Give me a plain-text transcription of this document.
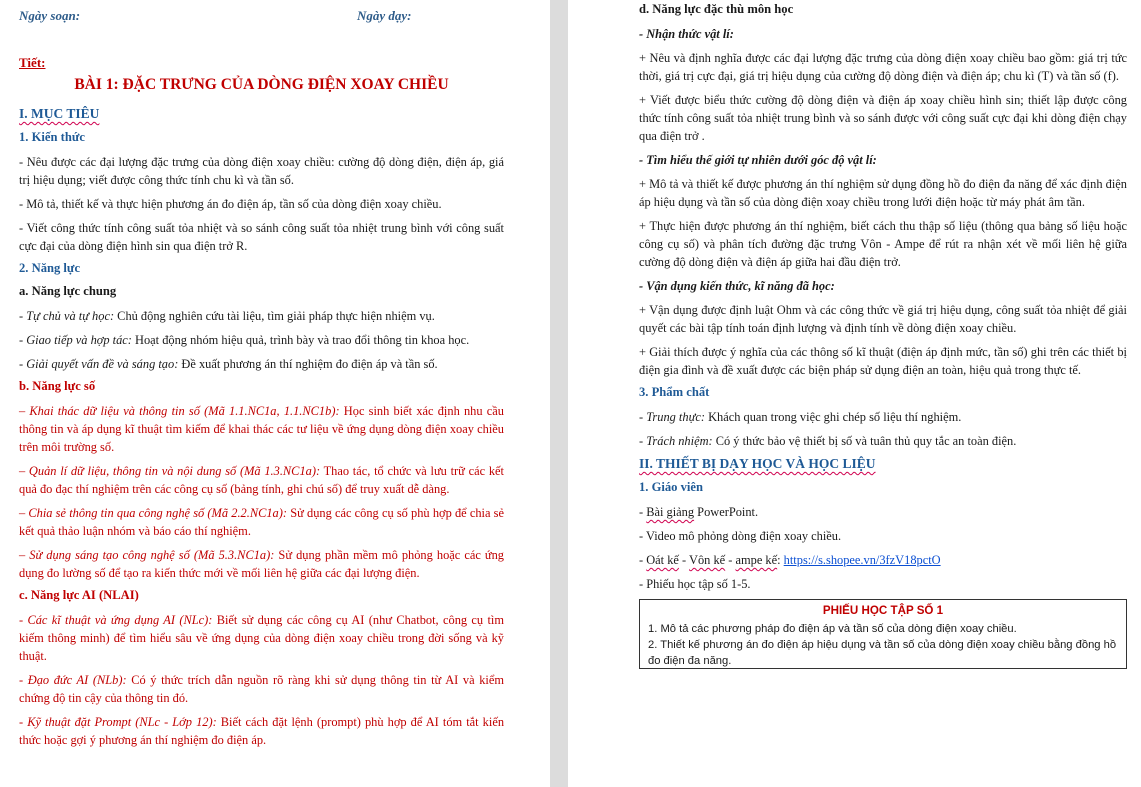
Ngày soạn:	Ngày dạy:
Tiết:
BÀI 1: ĐẶC TRƯNG CỦA DÒNG ĐIỆN XOAY CHIỀU
I. MỤC TIÊU
1. Kiến thức
- Nêu được các đại lượng đặc trưng của dòng điện xoay chiều: cường độ dòng điện, điện áp, giá trị hiệu dụng; viết được công thức tính chu kì và tần số.
- Mô tả, thiết kế và thực hiện phương án đo điện áp, tần số của dòng điện xoay chiều.
- Viết công thức tính công suất tỏa nhiệt và so sánh công suất tỏa nhiệt trung bình với công suất cực đại của dòng điện hình sin qua điện trở R.
2. Năng lực
a. Năng lực chung
- Tự chủ và tự học: Chủ động nghiên cứu tài liệu, tìm giải pháp thực hiện nhiệm vụ.
- Giao tiếp và hợp tác: Hoạt động nhóm hiệu quả, trình bày và trao đổi thông tin khoa học.
- Giải quyết vấn đề và sáng tạo: Đề xuất phương án thí nghiệm đo điện áp và tần số.
b. Năng lực số
– Khai thác dữ liệu và thông tin số (Mã 1.1.NC1a, 1.1.NC1b): Học sinh biết xác định nhu cầu thông tin và áp dụng kĩ thuật tìm kiếm để khai thác các tư liệu về ứng dụng dòng điện xoay chiều trên môi trường số.
– Quản lí dữ liệu, thông tin và nội dung số (Mã 1.3.NC1a): Thao tác, tổ chức và lưu trữ các kết quả đo đạc thí nghiệm trên các công cụ số (bảng tính, ghi chú số) để truy xuất dễ dàng.
– Chia sẻ thông tin qua công nghệ số (Mã 2.2.NC1a): Sử dụng các công cụ số phù hợp để chia sẻ kết quả thảo luận nhóm và báo cáo thí nghiệm.
– Sử dụng sáng tạo công nghệ số (Mã 5.3.NC1a): Sử dụng phần mềm mô phỏng hoặc các ứng dụng đo lường số để tạo ra kiến thức mới về mối liên hệ giữa các đại lượng điện.
c. Năng lực AI (NLAI)
- Các kĩ thuật và ứng dụng AI (NLc): Biết sử dụng các công cụ AI (như Chatbot, công cụ tìm kiếm thông minh) để tìm hiểu sâu về ứng dụng của dòng điện xoay chiều trong đời sống và kỹ thuật.
- Đạo đức AI (NLb): Có ý thức trích dẫn nguồn rõ ràng khi sử dụng thông tin từ AI và kiểm chứng độ tin cậy của thông tin đó.
- Kỹ thuật đặt Prompt (NLc - Lớp 12): Biết cách đặt lệnh (prompt) phù hợp để AI tóm tắt kiến thức hoặc gợi ý phương án thí nghiệm đo điện áp.
d. Năng lực đặc thù môn học
- Nhận thức vật lí:
+ Nêu và định nghĩa được các đại lượng đặc trưng của dòng điện xoay chiều bao gồm: giá trị tức thời, giá trị cực đại, giá trị hiệu dụng của cường độ dòng điện và điện áp; chu kì (T) và tần số (f).
+ Viết được biểu thức cường độ dòng điện và điện áp xoay chiều hình sin; thiết lập được công thức tính công suất tỏa nhiệt trung bình và so sánh được với công suất cực đại khi dòng điện chạy qua điện trở .
- Tìm hiểu thế giới tự nhiên dưới góc độ vật lí:
+ Mô tả và thiết kế được phương án thí nghiệm sử dụng đồng hồ đo điện đa năng để xác định điện áp hiệu dụng và tần số của dòng điện xoay chiều trong lưới điện hoặc từ máy phát âm tần.
+ Thực hiện được phương án thí nghiệm, biết cách thu thập số liệu (thông qua bảng số liệu hoặc công cụ số) và phân tích đường đặc trưng Vôn - Ampe để rút ra nhận xét về mối liên hệ giữa cường độ dòng điện và điện áp giữa hai đầu điện trở.
- Vận dụng kiến thức, kĩ năng đã học:
+ Vận dụng được định luật Ohm và các công thức về giá trị hiệu dụng, công suất tỏa nhiệt để giải quyết các bài tập tính toán định lượng và định tính về dòng điện xoay chiều.
+ Giải thích được ý nghĩa của các thông số kĩ thuật (điện áp định mức, tần số) ghi trên các thiết bị điện gia đình và đề xuất được các biện pháp sử dụng điện an toàn, hiệu quả trong thực tế.
3. Phẩm chất
- Trung thực: Khách quan trong việc ghi chép số liệu thí nghiệm.
- Trách nhiệm: Có ý thức bảo vệ thiết bị số và tuân thủ quy tắc an toàn điện.
II. THIẾT BỊ DẠY HỌC VÀ HỌC LIỆU
1. Giáo viên
- Bài giảng PowerPoint.
- Video mô phỏng dòng điện xoay chiều.
- Oát kế - Vôn kế - ampe kế: https://s.shopee.vn/3fzV18pctO
- Phiếu học tập số 1-5.
PHIẾU HỌC TẬP SỐ 1
1. Mô tả các phương pháp đo điện áp và tần số của dòng điện xoay chiều.
2. Thiết kế phương án đo điện áp hiệu dụng và tần số của dòng điện xoay chiều bằng đồng hồ đo điện đa năng.
